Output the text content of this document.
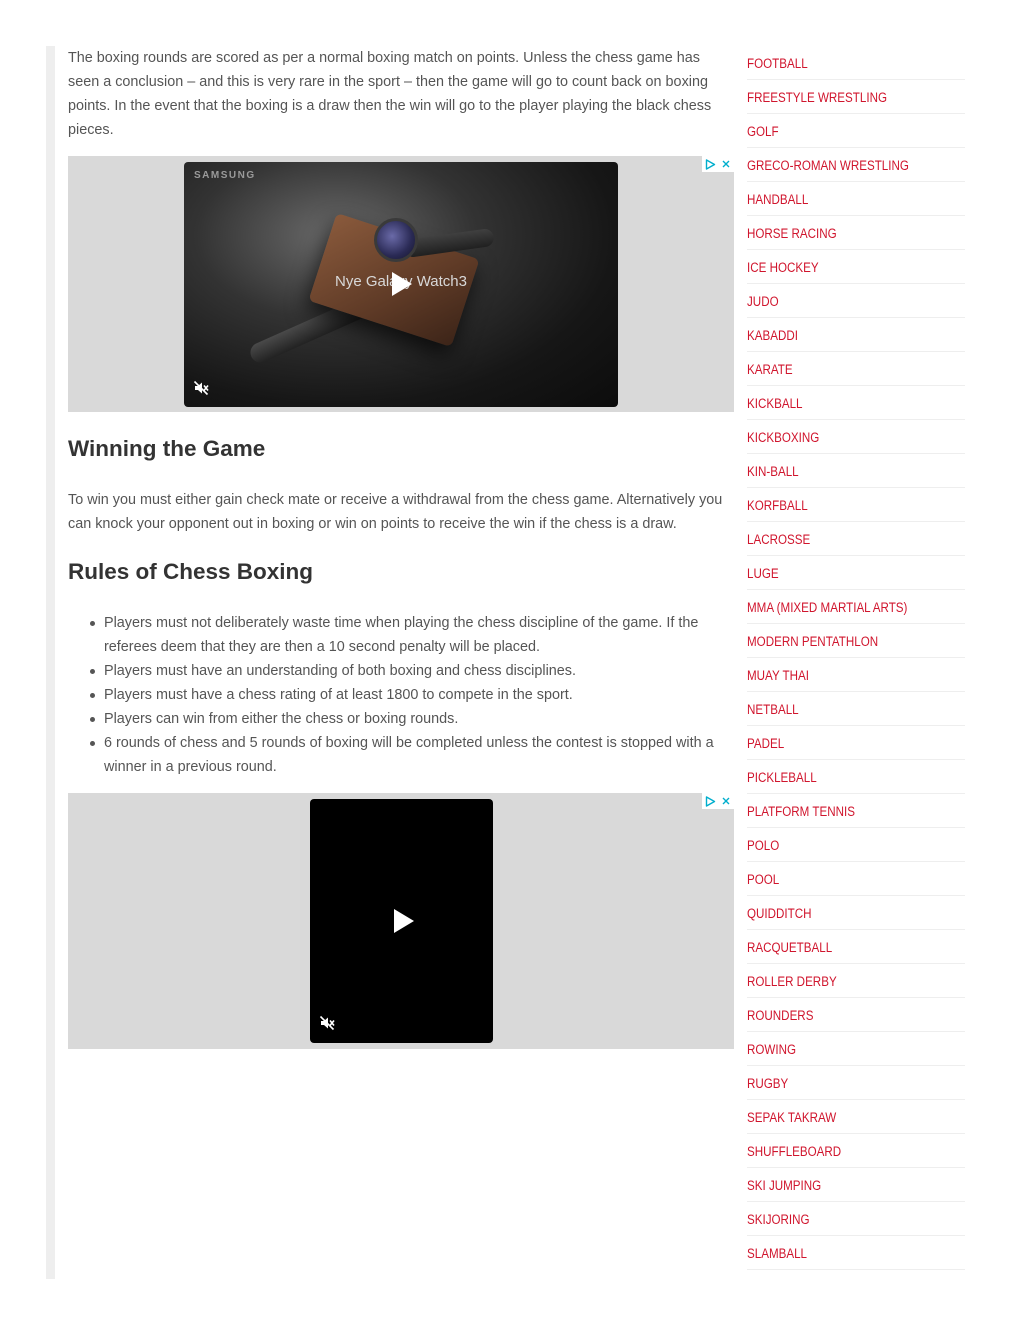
The boxing rounds are scored as per a normal boxing match on points. Unless the chess game has seen a conclusion – and this is very rare in the sport – then the game will go to count back on boxing points. In the event that the boxing is a draw then the win will go to the player playing the black chess pieces.

SAMSUNG
Nye Galaxy Watch3
Winning the Game

To win you must either gain check mate or receive a withdrawal from the chess game. Alternatively you can knock your opponent out in boxing or win on points to receive the win if the chess is a draw.

Rules of Chess Boxing
Players must not deliberately waste time when playing the chess discipline of the game. If the referees deem that they are then a 10 second penalty will be placed.
Players must have an understanding of both boxing and chess disciplines.
Players must have a chess rating of at least 1800 to compete in the sport.
Players can win from either the chess or boxing rounds.
6 rounds of chess and 5 rounds of boxing will be completed unless the contest is stopped with a winner in a previous round.
FOOTBALL
FREESTYLE WRESTLING
GOLF
GRECO-ROMAN WRESTLING
HANDBALL
HORSE RACING
ICE HOCKEY
JUDO
KABADDI
KARATE
KICKBALL
KICKBOXING
KIN-BALL
KORFBALL
LACROSSE
LUGE
MMA (MIXED MARTIAL ARTS)
MODERN PENTATHLON
MUAY THAI
NETBALL
PADEL
PICKLEBALL
PLATFORM TENNIS
POLO
POOL
QUIDDITCH
RACQUETBALL
ROLLER DERBY
ROUNDERS
ROWING
RUGBY
SEPAK TAKRAW
SHUFFLEBOARD
SKI JUMPING
SKIJORING
SLAMBALL
